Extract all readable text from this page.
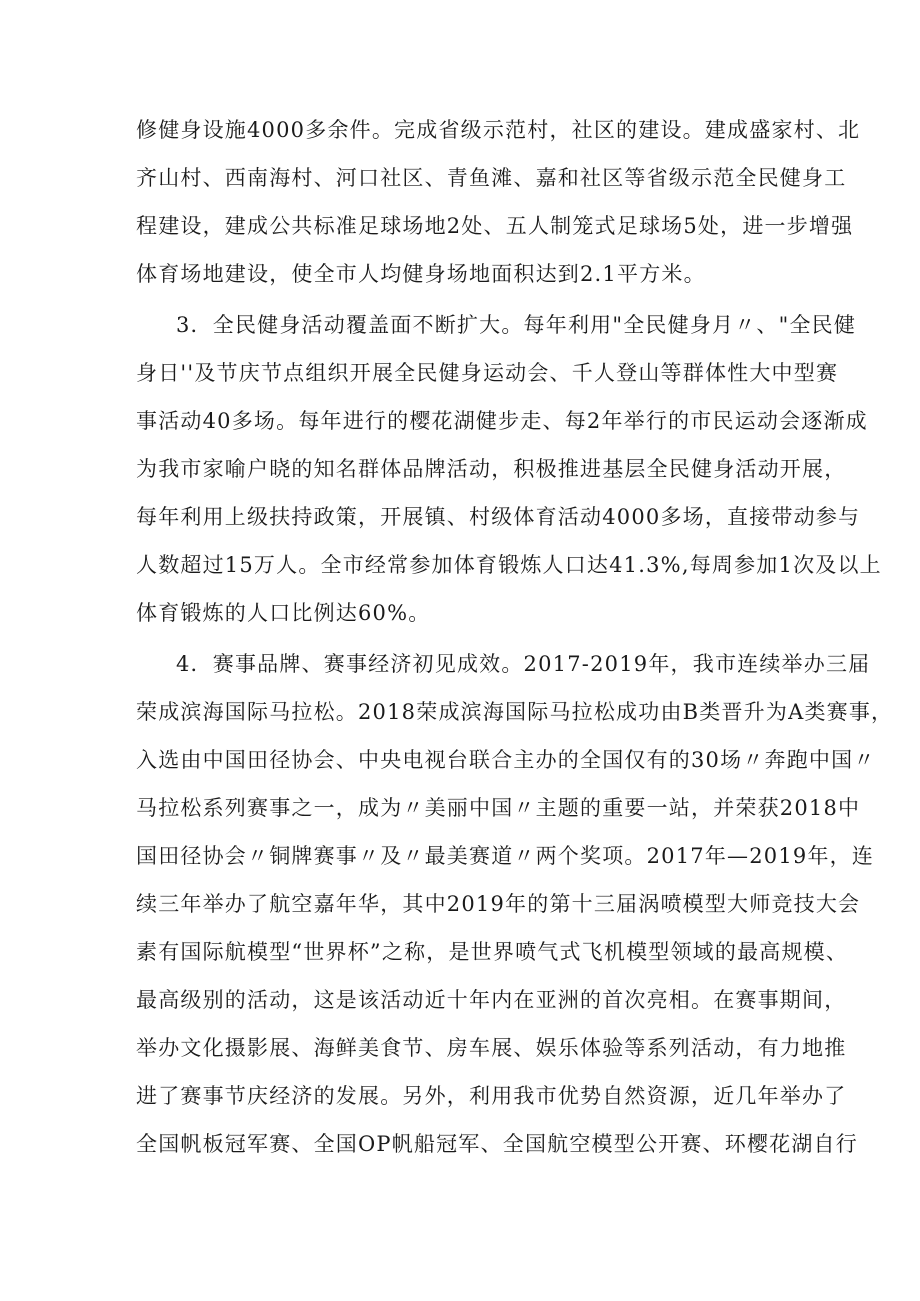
修健身设施4000多余件。完成省级示范村，社区的建设。建成盛家村、北
齐山村、西南海村、河口社区、青鱼滩、嘉和社区等省级示范全民健身工
程建设，建成公共标准足球场地2处、五人制笼式足球场5处，进一步增强
体育场地建设，使全市人均健身场地面积达到2.1平方米。
3．全民健身活动覆盖面不断扩大。每年利用"全民健身月〃、"全民健
身日''及节庆节点组织开展全民健身运动会、千人登山等群体性大中型赛
事活动40多场。每年进行的樱花湖健步走、每2年举行的市民运动会逐渐成
为我市家喻户晓的知名群体品牌活动，积极推进基层全民健身活动开展，
每年利用上级扶持政策，开展镇、村级体育活动4000多场，直接带动参与
人数超过15万人。全市经常参加体育锻炼人口达41.3%,每周参加1次及以上
体育锻炼的人口比例达60%。
4．赛事品牌、赛事经济初见成效。2017-2019年，我市连续举办三届
荣成滨海国际马拉松。2018荣成滨海国际马拉松成功由B类晋升为A类赛事，
入选由中国田径协会、中央电视台联合主办的全国仅有的30场〃奔跑中国〃
马拉松系列赛事之一，成为〃美丽中国〃主题的重要一站，并荣获2018中
国田径协会〃铜牌赛事〃及〃最美赛道〃两个奖项。2017年—2019年，连
续三年举办了航空嘉年华，其中2019年的第十三届涡喷模型大师竞技大会
素有国际航模型“世界杯”之称，是世界喷气式飞机模型领域的最高规模、
最高级别的活动，这是该活动近十年内在亚洲的首次亮相。在赛事期间，
举办文化摄影展、海鲜美食节、房车展、娱乐体验等系列活动，有力地推
进了赛事节庆经济的发展。另外，利用我市优势自然资源，近几年举办了
全国帆板冠军赛、全国OP帆船冠军、全国航空模型公开赛、环樱花湖自行
